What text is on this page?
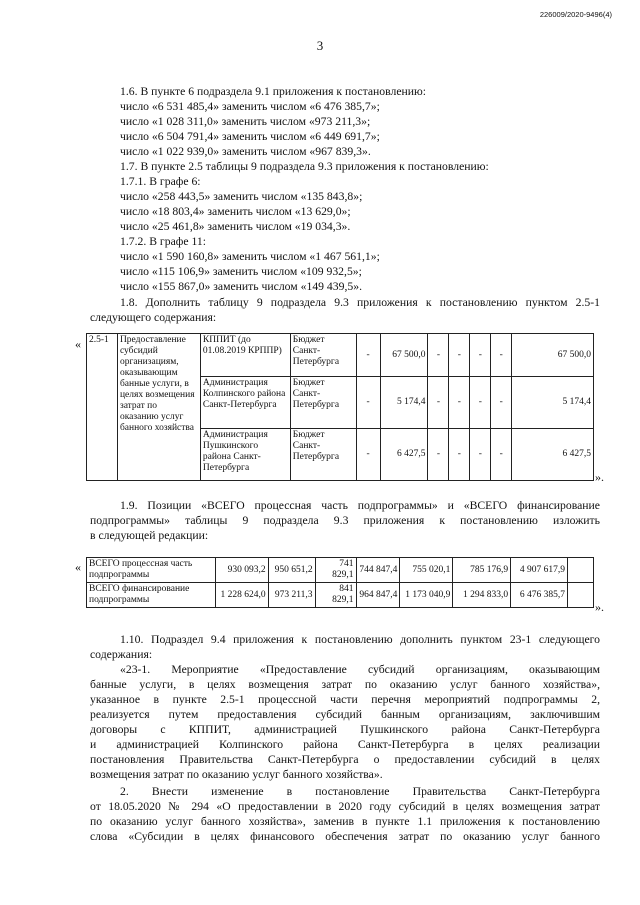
226009/2020-9496(4)
3
1.6. В пункте 6 подраздела 9.1 приложения к постановлению:
число «6 531 485,4» заменить числом «6 476 385,7»;
число «1 028 311,0» заменить числом «973 211,3»;
число «6 504 791,4» заменить числом «6 449 691,7»;
число «1 022 939,0» заменить числом «967 839,3».
1.7. В пункте 2.5 таблицы 9 подраздела 9.3 приложения к постановлению:
1.7.1. В графе 6:
число «258 443,5» заменить числом «135 843,8»;
число «18 803,4» заменить числом «13 629,0»;
число «25 461,8» заменить числом «19 034,3».
1.7.2. В графе 11:
число «1 590 160,8» заменить числом «1 467 561,1»;
число «115 106,9» заменить числом «109 932,5»;
число «155 867,0» заменить числом «149 439,5».
1.8. Дополнить таблицу 9 подраздела 9.3 приложения к постановлению пунктом 2.5-1
следующего содержания:
« 2.5-1	Предоставление субсидий организациям, оказывающим банные услуги, в целях возмещения затрат по оказанию услуг банного хозяйства	КППИТ (до 01.08.2019 КРППР)	Бюджет Санкт-Петербурга	-	67 500,0	-	-	-	-	67 500,0
		Администрация Колпинского района Санкт-Петербурга	Бюджет Санкт-Петербурга	-	5 174,4	-	-	-	-	5 174,4
		Администрация Пушкинского района Санкт-Петербурга	Бюджет Санкт-Петербурга	-	6 427,5	-	-	-	-	6 427,5
».
1.9. Позиции «ВСЕГО процессная часть подпрограммы» и «ВСЕГО финансирование
подпрограммы» таблицы 9 подраздела 9.3 приложения к постановлению изложить
в следующей редакции:
« ВСЕГО процессная часть подпрограммы	930 093,2	950 651,2	741 829,1	744 847,4	755 020,1	785 176,9	4 907 617,9	
ВСЕГО финансирование подпрограммы	1 228 624,0	973 211,3	841 829,1	964 847,4	1 173 040,9	1 294 833,0	6 476 385,7	
».
1.10. Подраздел 9.4 приложения к постановлению дополнить пунктом 23-1 следующего
содержания:
«23-1. Мероприятие «Предоставление субсидий организациям, оказывающим
банные услуги, в целях возмещения затрат по оказанию услуг банного хозяйства»,
указанное в пункте 2.5-1 процессной части перечня мероприятий подпрограммы 2,
реализуется путем предоставления субсидий банным организациям, заключившим
договоры с КППИТ, администрацией Пушкинского района Санкт-Петербурга
и администрацией Колпинского района Санкт-Петербурга в целях реализации
постановления Правительства Санкт-Петербурга о предоставлении субсидий в целях
возмещения затрат по оказанию услуг банного хозяйства».
2. Внести изменение в постановление Правительства Санкт-Петербурга
от 18.05.2020 № 294 «О предоставлении в 2020 году субсидий в целях возмещения затрат
по оказанию услуг банного хозяйства», заменив в пункте 1.1 приложения к постановлению
слова «Субсидии в целях финансового обеспечения затрат по оказанию услуг банного
